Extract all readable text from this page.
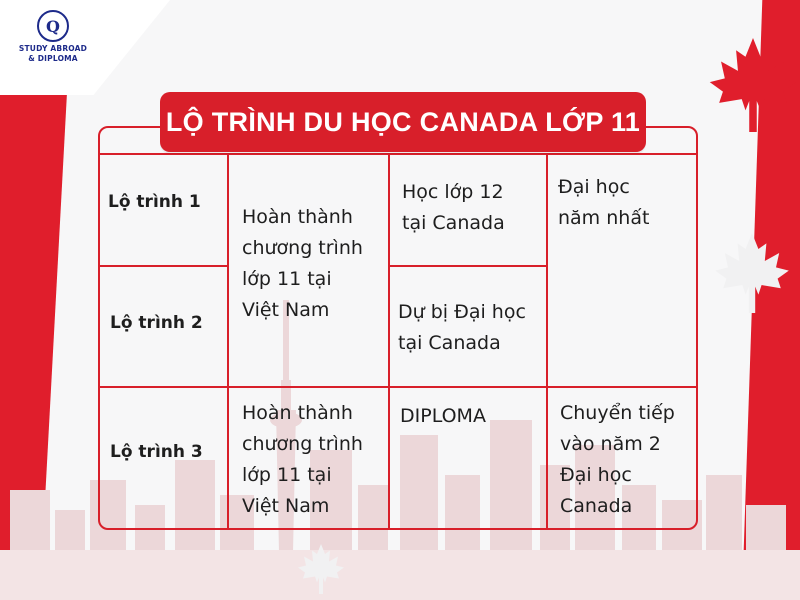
Q
STUDY ABROAD
& DIPLOMA
LỘ TRÌNH DU HỌC CANADA LỚP 11
Lộ trình 1
Lộ trình 2
Lộ trình 3
Hoàn thành
chương trình
lớp 11 tại
Việt Nam
Học lớp 12
tại Canada
Dự bị Đại học
tại Canada
Đại học
năm nhất
Hoàn thành
chương trình
lớp 11 tại
Việt Nam
DIPLOMA	Chuyển tiếp
vào năm 2
Đại học
Canada
